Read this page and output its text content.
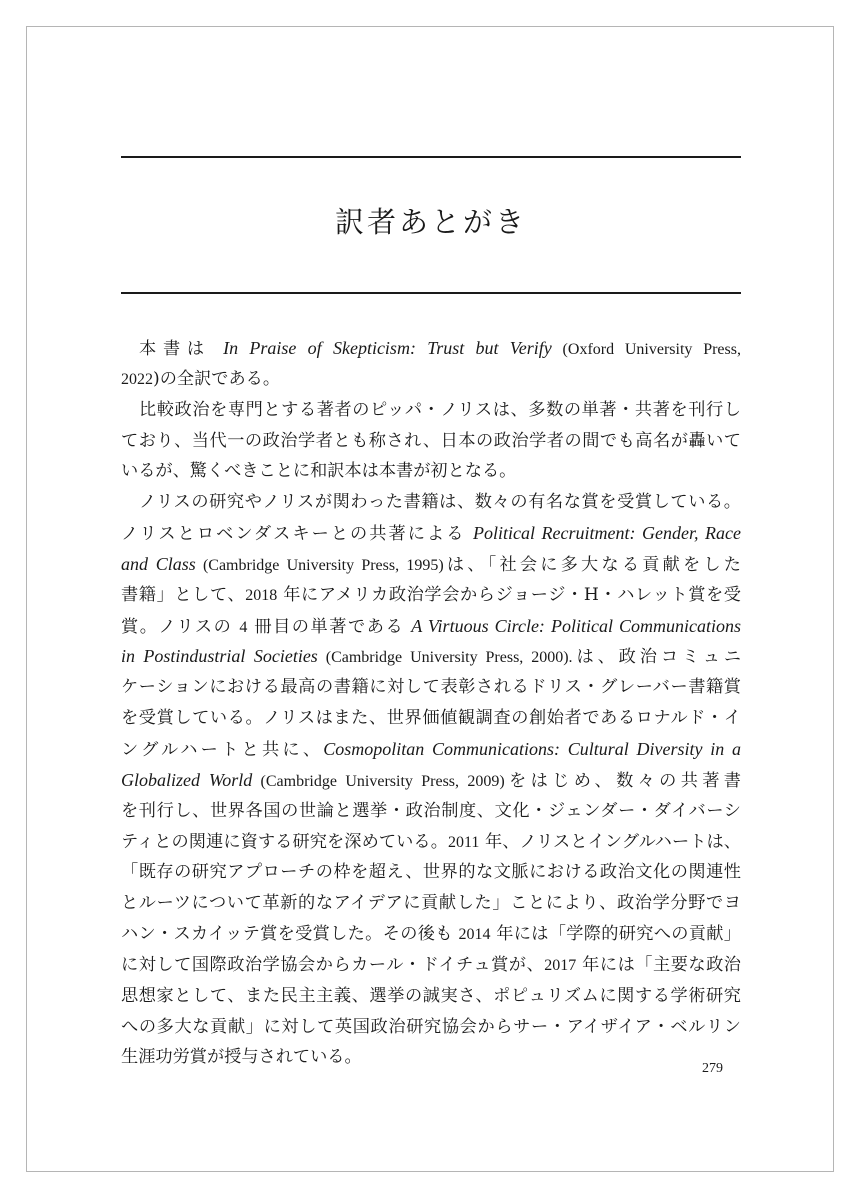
訳者あとがき
本書は In Praise of Skepticism: Trust but Verify (Oxford University Press,
2022)の全訳である。
比較政治を専門とする著者のピッパ・ノリスは、多数の単著・共著を刊行し
ており、当代一の政治学者とも称され、日本の政治学者の間でも高名が轟いて
いるが、驚くべきことに和訳本は本書が初となる。
ノリスの研究やノリスが関わった書籍は、数々の有名な賞を受賞している。
ノリスとロベンダスキーとの共著による Political Recruitment: Gender, Race
and Class (Cambridge University Press, 1995)は、「社会に多大なる貢献をした
書籍」として、2018 年にアメリカ政治学会からジョージ・H・ハレット賞を受
賞。ノリスの 4 冊目の単著である A Virtuous Circle: Political Communications
in Postindustrial Societies (Cambridge University Press, 2000).は、政治コミュニ
ケーションにおける最高の書籍に対して表彰されるドリス・グレーバー書籍賞
を受賞している。ノリスはまた、世界価値観調査の創始者であるロナルド・イ
ングルハートと共に、Cosmopolitan Communications: Cultural Diversity in a
Globalized World (Cambridge University Press, 2009)をはじめ、数々の共著書
を刊行し、世界各国の世論と選挙・政治制度、文化・ジェンダー・ダイバーシ
ティとの関連に資する研究を深めている。2011 年、ノリスとイングルハートは、
「既存の研究アプローチの枠を超え、世界的な文脈における政治文化の関連性
とルーツについて革新的なアイデアに貢献した」ことにより、政治学分野でヨ
ハン・スカイッテ賞を受賞した。その後も 2014 年には「学際的研究への貢献」
に対して国際政治学協会からカール・ドイチュ賞が、2017 年には「主要な政治
思想家として、また民主主義、選挙の誠実さ、ポピュリズムに関する学術研究
への多大な貢献」に対して英国政治研究協会からサー・アイザイア・ベルリン
生涯功労賞が授与されている。
279
